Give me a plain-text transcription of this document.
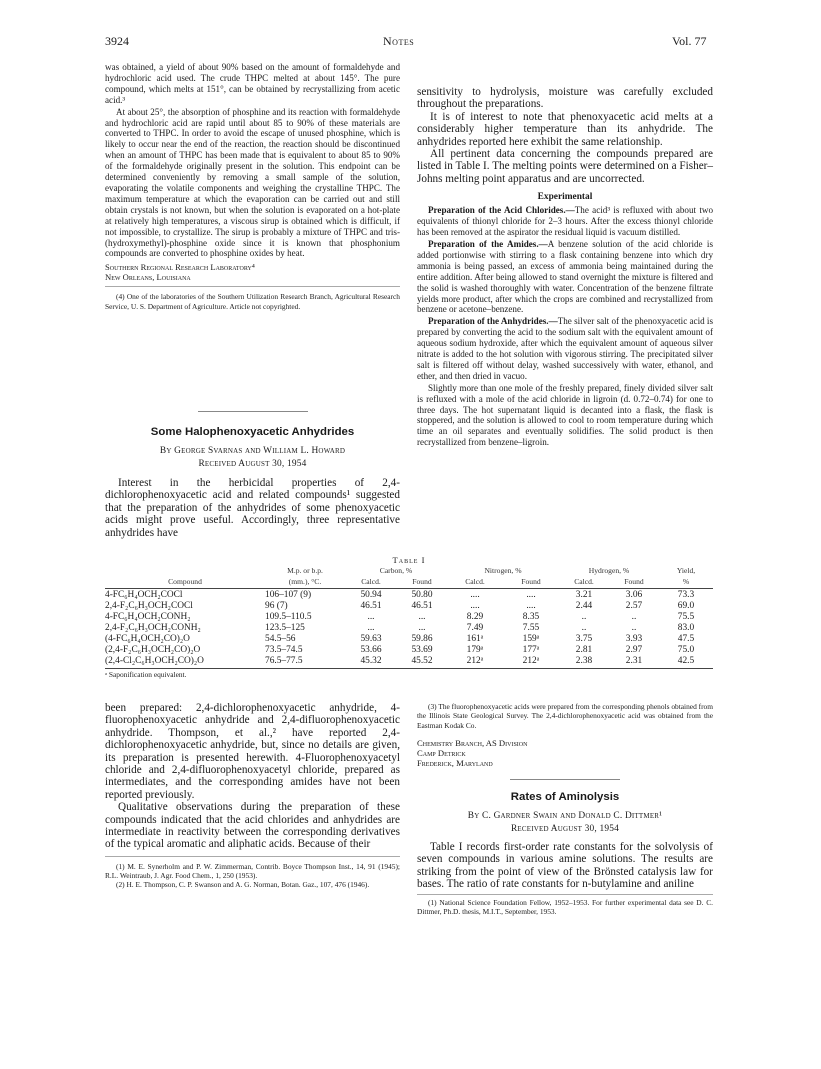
3924	Notes	Vol. 77

was obtained, a yield of about 90% based on the amount of formaldehyde and hydrochloric acid used. The crude THPC melted at about 145°. The pure compound, which melts at 151°, can be obtained by recrystallizing from acetic acid.³

At about 25°, the absorption of phosphine and its reaction with formaldehyde and hydrochloric acid are rapid until about 85 to 90% of these materials are converted to THPC. In order to avoid the escape of unused phosphine, which is likely to occur near the end of the reaction, the reaction should be discontinued when an amount of THPC has been made that is equivalent to about 85 to 90% of the formaldehyde originally present in the solution. This endpoint can be determined conveniently by removing a small sample of the solution, evaporating the volatile components and weighing the crystalline THPC. The maximum temperature at which the evaporation can be carried out and still obtain crystals is not known, but when the solution is evaporated on a hot-plate at relatively high temperatures, a viscous sirup is obtained which is difficult, if not impossible, to crystallize. The sirup is probably a mixture of THPC and tris-(hydroxymethyl)-phosphine oxide since it is known that phosphonium compounds are converted to phosphine oxides by heat.

Southern Regional Research Laboratory⁴

New Orleans, Louisiana

(4) One of the laboratories of the Southern Utilization Research Branch, Agricultural Research Service, U. S. Department of Agriculture. Article not copyrighted.

Some Halophenoxyacetic Anhydrides
By George Svarnas and William L. Howard
Received August 30, 1954

Interest in the herbicidal properties of 2,4-dichlorophenoxyacetic acid and related compounds¹ suggested that the preparation of the anhydrides of some phenoxyacetic acids might prove useful. Accordingly, three representative anhydrides have

sensitivity to hydrolysis, moisture was carefully excluded throughout the preparations.

It is of interest to note that phenoxyacetic acid melts at a considerably higher temperature than its anhydride. The anhydrides reported here exhibit the same relationship.

All pertinent data concerning the compounds prepared are listed in Table I. The melting points were determined on a Fisher–Johns melting point apparatus and are uncorrected.

Experimental

Preparation of the Acid Chlorides.—The acid³ is refluxed with about two equivalents of thionyl chloride for 2–3 hours. After the excess thionyl chloride has been removed at the aspirator the residual liquid is vacuum distilled.

Preparation of the Amides.—A benzene solution of the acid chloride is added portionwise with stirring to a flask containing benzene into which dry ammonia is being passed, an excess of ammonia being maintained during the entire addition. After being allowed to stand overnight the mixture is filtered and the solid is washed thoroughly with water. Concentration of the benzene filtrate yields more product, after which the crops are combined and recrystallized from benzene or acetone–benzene.

Preparation of the Anhydrides.—The silver salt of the phenoxyacetic acid is prepared by converting the acid to the sodium salt with the equivalent amount of aqueous sodium hydroxide, after which the equivalent amount of aqueous silver nitrate is added to the hot solution with vigorous stirring. The precipitated silver salt is filtered off without delay, washed successively with water, ethanol, and ether, and then dried in vacuo.

Slightly more than one mole of the freshly prepared, finely divided silver salt is refluxed with a mole of the acid chloride in ligroin (d. 0.72–0.74) for one to three days. The hot supernatant liquid is decanted into a flask, the flask is stoppered, and the solution is allowed to cool to room temperature during which time an oil separates and eventually solidifies. The solid product is then recrystallized from benzene–ligroin.

Table I
	M.p. or b.p.	Carbon, %		Nitrogen, %		Hydrogen, %		Yield,
Compound	(mm.), °C.	Calcd.	Found	Calcd.	Found	Calcd.	Found	%
4-FC₆H₄OCH₂COCl	106–107 (9)	50.94	50.80	....	....	3.21	3.06	73.3
2,4-F₂C₆H₃OCH₂COCl	96 (7)	46.51	46.51	....	....	2.44	2.57	69.0
4-FC₆H₄OCH₂CONH₂	109.5–110.5	...	...	8.29	8.35	..	..	75.5
2,4-F₂C₆H₃OCH₂CONH₂	123.5–125	...	...	7.49	7.55	..	..	83.0
(4-FC₆H₄OCH₂CO)₂O	54.5–56	59.63	59.86	161ᵃ	159ᵃ	3.75	3.93	47.5
(2,4-F₂C₆H₃OCH₂CO)₂O	73.5–74.5	53.66	53.69	179ᵃ	177ᵃ	2.81	2.97	75.0
(2,4-Cl₂C₆H₃OCH₂CO)₂O	76.5–77.5	45.32	45.52	212ᵃ	212ᵃ	2.38	2.31	42.5
ᵃ Saponification equivalent.

been prepared: 2,4-dichlorophenoxyacetic anhydride, 4-fluorophenoxyacetic anhydride and 2,4-difluorophenoxyacetic anhydride. Thompson, et al.,² have reported 2,4-dichlorophenoxyacetic anhydride, but, since no details are given, its preparation is presented herewith. 4-Fluorophenoxyacetyl chloride and 2,4-difluorophenoxyacetyl chloride, prepared as intermediates, and the corresponding amides have not been reported previously.

Qualitative observations during the preparation of these compounds indicated that the acid chlorides and anhydrides are intermediate in reactivity between the corresponding derivatives of the typical aromatic and aliphatic acids. Because of their

(1) M. E. Synerholm and P. W. Zimmerman, Contrib. Boyce Thompson Inst., 14, 91 (1945); R.L. Weintraub, J. Agr. Food Chem., 1, 250 (1953).

(2) H. E. Thompson, C. P. Swanson and A. G. Norman, Botan. Gaz., 107, 476 (1946).

(3) The fluorophenoxyacetic acids were prepared from the corresponding phenols obtained from the Illinois State Geological Survey. The 2,4-dichlorophenoxyacetic acid was obtained from the Eastman Kodak Co.

Chemistry Branch, AS Division

Camp Detrick

Frederick, Maryland

Rates of Aminolysis
By C. Gardner Swain and Donald C. Dittmer¹
Received August 30, 1954

Table I records first-order rate constants for the solvolysis of seven compounds in various amine solutions. The results are striking from the point of view of the Brönsted catalysis law for bases. The ratio of rate constants for n-butylamine and aniline

(1) National Science Foundation Fellow, 1952–1953. For further experimental data see D. C. Dittmer, Ph.D. thesis, M.I.T., September, 1953.
